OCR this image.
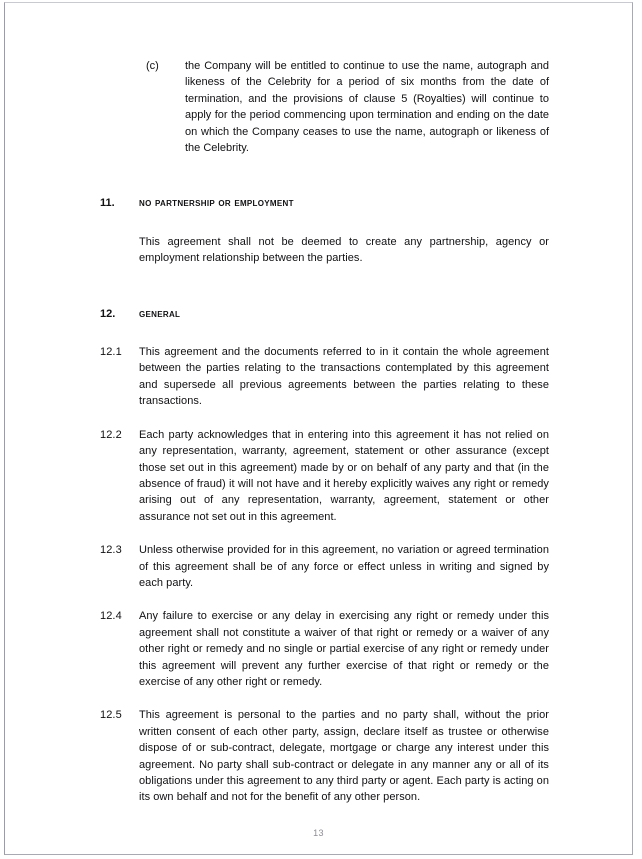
(c)	the Company will be entitled to continue to use the name, autograph and likeness of the Celebrity for a period of six months from the date of termination, and the provisions of clause 5 (Royalties) will continue to apply for the period commencing upon termination and ending on the date on which the Company ceases to use the name, autograph or likeness of the Celebrity.

11.	no partnership or employment

This agreement shall not be deemed to create any partnership, agency or employment relationship between the parties.

12.	general

12.1	This agreement and the documents referred to in it contain the whole agreement between the parties relating to the transactions contemplated by this agreement and supersede all previous agreements between the parties relating to these transactions.

12.2	Each party acknowledges that in entering into this agreement it has not relied on any representation, warranty, agreement, statement or other assurance (except those set out in this agreement) made by or on behalf of any party and that (in the absence of fraud) it will not have and it hereby explicitly waives any right or remedy arising out of any representation, warranty, agreement, statement or other assurance not set out in this agreement.

12.3	Unless otherwise provided for in this agreement, no variation or agreed termination of this agreement shall be of any force or effect unless in writing and signed by each party.

12.4	Any failure to exercise or any delay in exercising any right or remedy under this agreement shall not constitute a waiver of that right or remedy or a waiver of any other right or remedy and no single or partial exercise of any right or remedy under this agreement will prevent any further exercise of that right or remedy or the exercise of any other right or remedy.

12.5	This agreement is personal to the parties and no party shall, without the prior written consent of each other party, assign, declare itself as trustee or otherwise dispose of or sub-contract, delegate, mortgage or charge any interest under this agreement. No party shall sub-contract or delegate in any manner any or all of its obligations under this agreement to any third party or agent. Each party is acting on its own behalf and not for the benefit of any other person.

13
